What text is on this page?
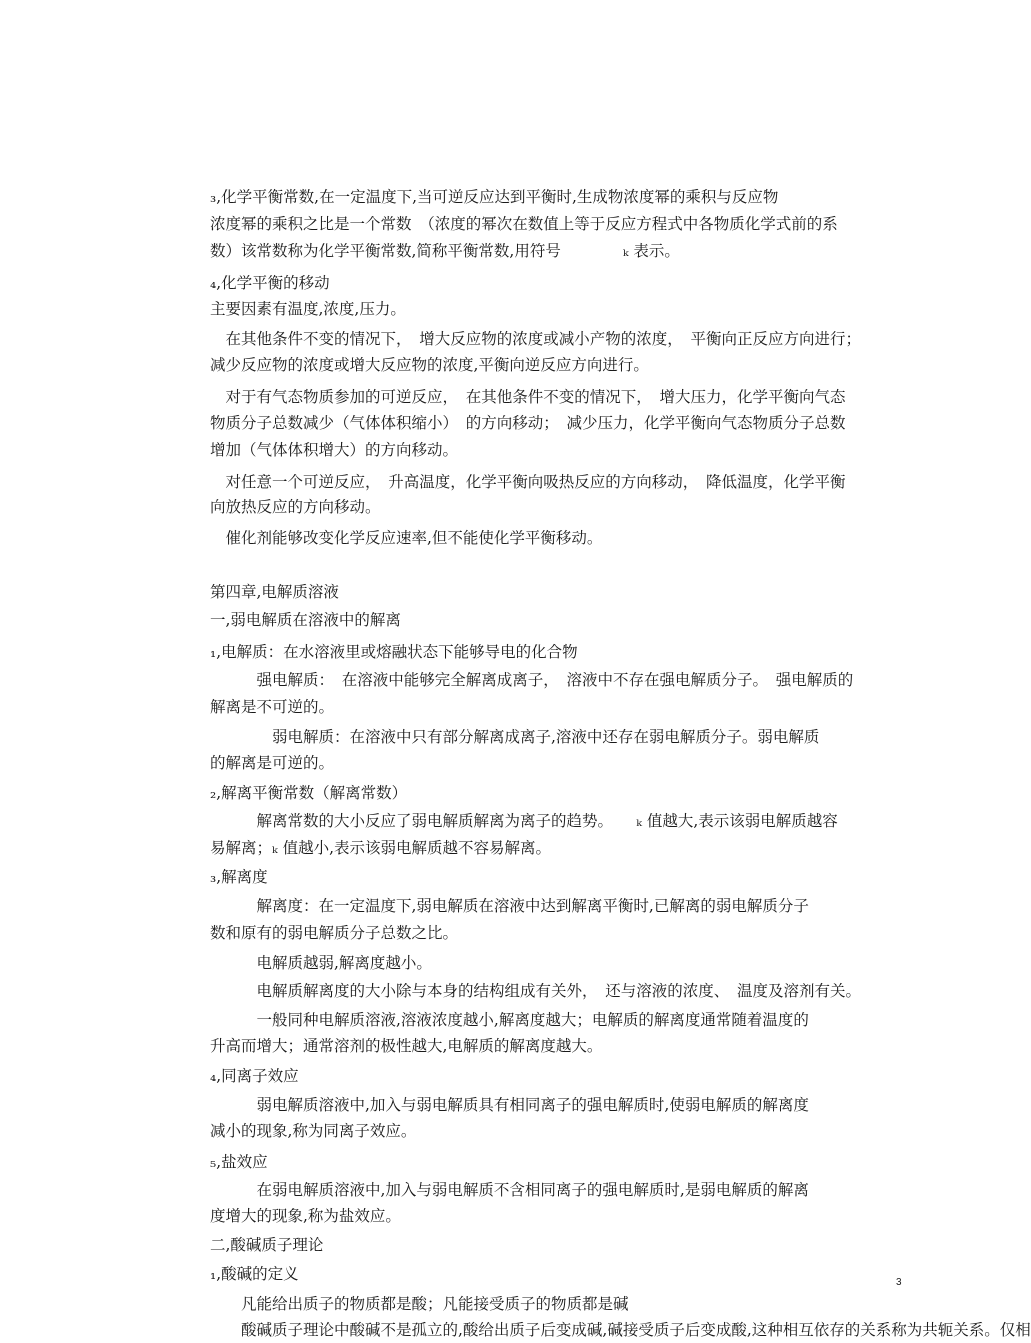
₃,化学平衡常数,在一定温度下,当可逆反应达到平衡时,生成物浓度幂的乘积与反应物
浓度幂的乘积之比是一个常数　（浓度的幂次在数值上等于反应方程式中各物质化学式前的系
数）该常数称为化学平衡常数,简称平衡常数,用符号　　　　ₖ 表示。
₄,化学平衡的移动
主要因素有温度,浓度,压力。
　在其他条件不变的情况下，　增大反应物的浓度或减小产物的浓度，　平衡向正反应方向进行；
减少反应物的浓度或增大反应物的浓度,平衡向逆反应方向进行。
　对于有气态物质参加的可逆反应，　在其他条件不变的情况下，　增大压力，化学平衡向气态
物质分子总数减少（气体体积缩小）　的方向移动；　减少压力，化学平衡向气态物质分子总数
增加（气体体积增大）的方向移动。
　对任意一个可逆反应，　升高温度，化学平衡向吸热反应的方向移动，　降低温度，化学平衡
向放热反应的方向移动。
　催化剂能够改变化学反应速率,但不能使化学平衡移动。
第四章,电解质溶液
一,弱电解质在溶液中的解离
₁,电解质：在水溶液里或熔融状态下能够导电的化合物
　　　强电解质：　在溶液中能够完全解离成离子，　溶液中不存在强电解质分子。　强电解质的
解离是不可逆的。
　　　　弱电解质：在溶液中只有部分解离成离子,溶液中还存在弱电解质分子。弱电解质
的解离是可逆的。
₂,解离平衡常数（解离常数）
　　　解离常数的大小反应了弱电解质解离为离子的趋势。　　ₖ 值越大,表示该弱电解质越容
易解离；ₖ 值越小,表示该弱电解质越不容易解离。
₃,解离度
　　　解离度：在一定温度下,弱电解质在溶液中达到解离平衡时,已解离的弱电解质分子
数和原有的弱电解质分子总数之比。
　　　电解质越弱,解离度越小。
　　　电解质解离度的大小除与本身的结构组成有关外，　还与溶液的浓度、　温度及溶剂有关。
　　　一般同种电解质溶液,溶液浓度越小,解离度越大；电解质的解离度通常随着温度的
升高而增大；通常溶剂的极性越大,电解质的解离度越大。
₄,同离子效应
　　　弱电解质溶液中,加入与弱电解质具有相同离子的强电解质时,使弱电解质的解离度
减小的现象,称为同离子效应。
₅,盐效应
　　　在弱电解质溶液中,加入与弱电解质不含相同离子的强电解质时,是弱电解质的解离
度增大的现象,称为盐效应。
二,酸碱质子理论
₁,酸碱的定义
　　凡能给出质子的物质都是酸；凡能接受质子的物质都是碱
　　酸碱质子理论中酸碱不是孤立的,酸给出质子后变成碱,碱接受质子后变成酸,这种相互依存的关系称为共轭关系。仅相
3
